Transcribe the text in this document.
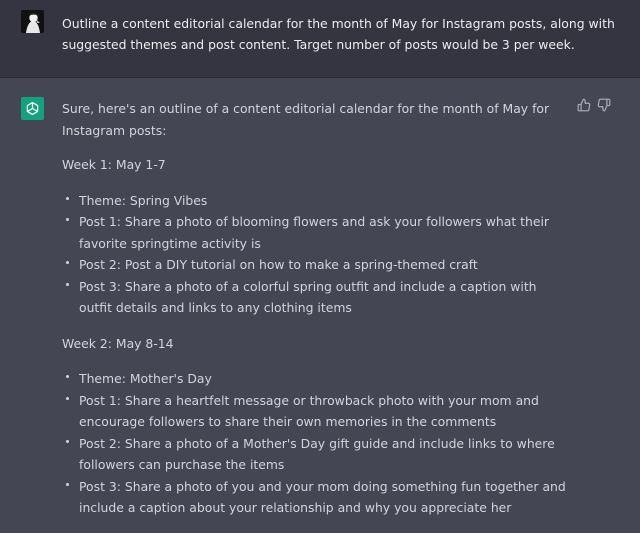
Outline a content editorial calendar for the month of May for Instagram posts, along with suggested themes and post content. Target number of posts would be 3 per week.

Sure, here's an outline of a content editorial calendar for the month of May for Instagram posts:

Week 1: May 1-7

Theme: Spring Vibes
Post 1: Share a photo of blooming flowers and ask your followers what their favorite springtime activity is
Post 2: Post a DIY tutorial on how to make a spring-themed craft
Post 3: Share a photo of a colorful spring outfit and include a caption with outfit details and links to any clothing items

Week 2: May 8-14

Theme: Mother's Day
Post 1: Share a heartfelt message or throwback photo with your mom and encourage followers to share their own memories in the comments
Post 2: Share a photo of a Mother's Day gift guide and include links to where followers can purchase the items
Post 3: Share a photo of you and your mom doing something fun together and include a caption about your relationship and why you appreciate her
